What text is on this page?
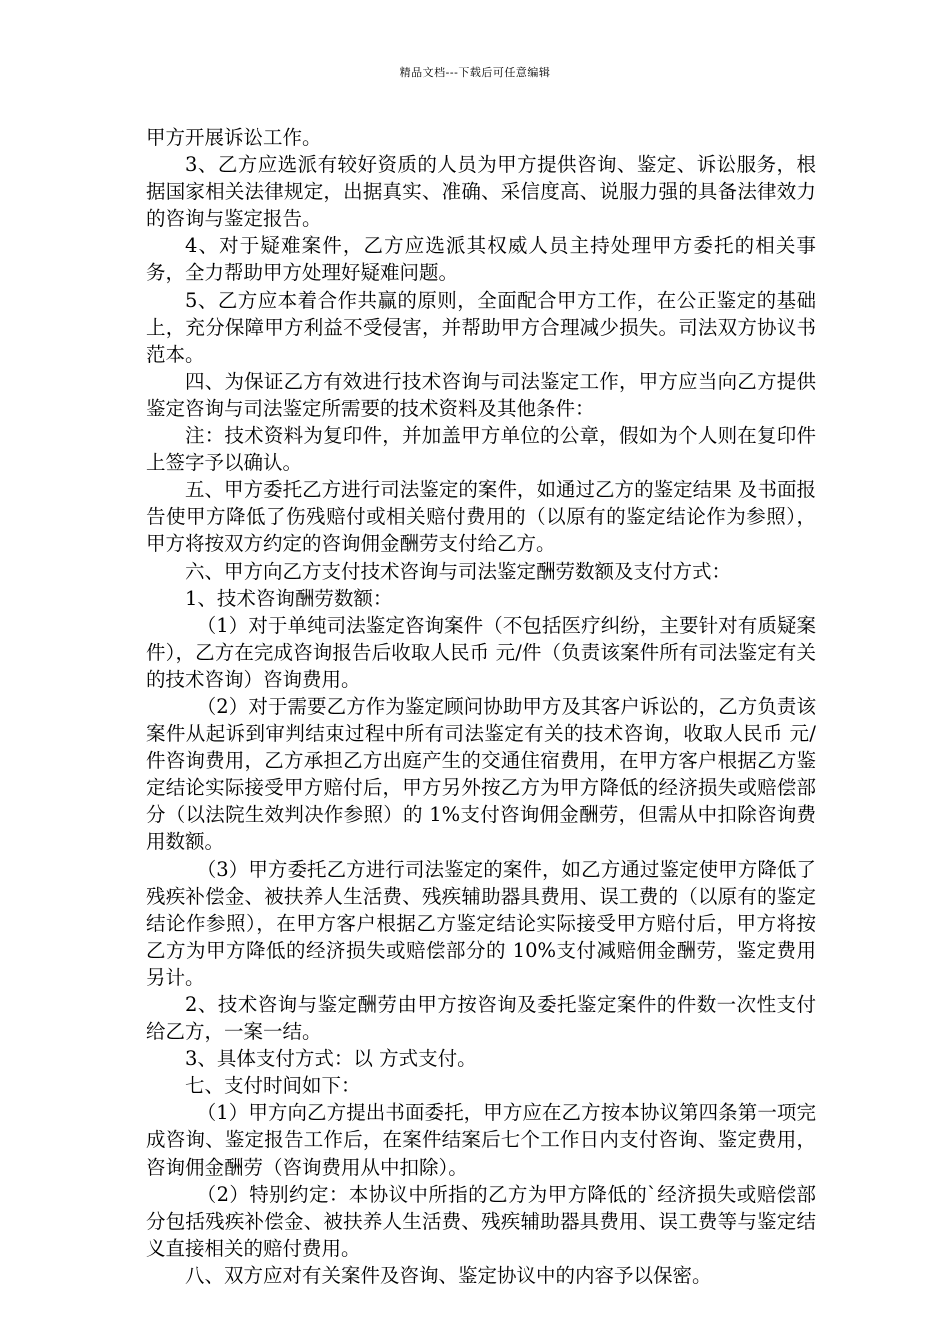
精品文档---下载后可任意编辑

甲方开展诉讼工作。

3、乙方应选派有较好资质的人员为甲方提供咨询、鉴定、诉讼服务，根据国家相关法律规定，出据真实、准确、采信度高、说服力强的具备法律效力的咨询与鉴定报告。

4、对于疑难案件，乙方应选派其权威人员主持处理甲方委托的相关事务，全力帮助甲方处理好疑难问题。

5、乙方应本着合作共赢的原则，全面配合甲方工作，在公正鉴定的基础上，充分保障甲方利益不受侵害，并帮助甲方合理减少损失。司法双方协议书范本。

四、为保证乙方有效进行技术咨询与司法鉴定工作，甲方应当向乙方提供鉴定咨询与司法鉴定所需要的技术资料及其他条件：

注：技术资料为复印件，并加盖甲方单位的公章，假如为个人则在复印件上签字予以确认。

五、甲方委托乙方进行司法鉴定的案件，如通过乙方的鉴定结果 及书面报告使甲方降低了伤残赔付或相关赔付费用的（以原有的鉴定结论作为参照），甲方将按双方约定的咨询佣金酬劳支付给乙方。

六、甲方向乙方支付技术咨询与司法鉴定酬劳数额及支付方式：

1、技术咨询酬劳数额：

（1）对于单纯司法鉴定咨询案件（不包括医疗纠纷，主要针对有质疑案件），乙方在完成咨询报告后收取人民币 元/件（负责该案件所有司法鉴定有关的技术咨询）咨询费用。

（2）对于需要乙方作为鉴定顾问协助甲方及其客户诉讼的，乙方负责该案件从起诉到审判结束过程中所有司法鉴定有关的技术咨询，收取人民币 元/件咨询费用，乙方承担乙方出庭产生的交通住宿费用，在甲方客户根据乙方鉴定结论实际接受甲方赔付后，甲方另外按乙方为甲方降低的经济损失或赔偿部分（以法院生效判决作参照）的 1%支付咨询佣金酬劳，但需从中扣除咨询费用数额。

（3）甲方委托乙方进行司法鉴定的案件，如乙方通过鉴定使甲方降低了残疾补偿金、被扶养人生活费、残疾辅助器具费用、误工费的（以原有的鉴定结论作参照），在甲方客户根据乙方鉴定结论实际接受甲方赔付后，甲方将按乙方为甲方降低的经济损失或赔偿部分的 10%支付减赔佣金酬劳，鉴定费用另计。

2、技术咨询与鉴定酬劳由甲方按咨询及委托鉴定案件的件数一次性支付给乙方，一案一结。

3、具体支付方式：以 方式支付。

七、支付时间如下：

（1）甲方向乙方提出书面委托，甲方应在乙方按本协议第四条第一项完成咨询、鉴定报告工作后，在案件结案后七个工作日内支付咨询、鉴定费用，咨询佣金酬劳（咨询费用从中扣除）。

（2）特别约定：本协议中所指的乙方为甲方降低的`经济损失或赔偿部分包括残疾补偿金、被扶养人生活费、残疾辅助器具费用、误工费等与鉴定结义直接相关的赔付费用。

八、双方应对有关案件及咨询、鉴定协议中的内容予以保密。
